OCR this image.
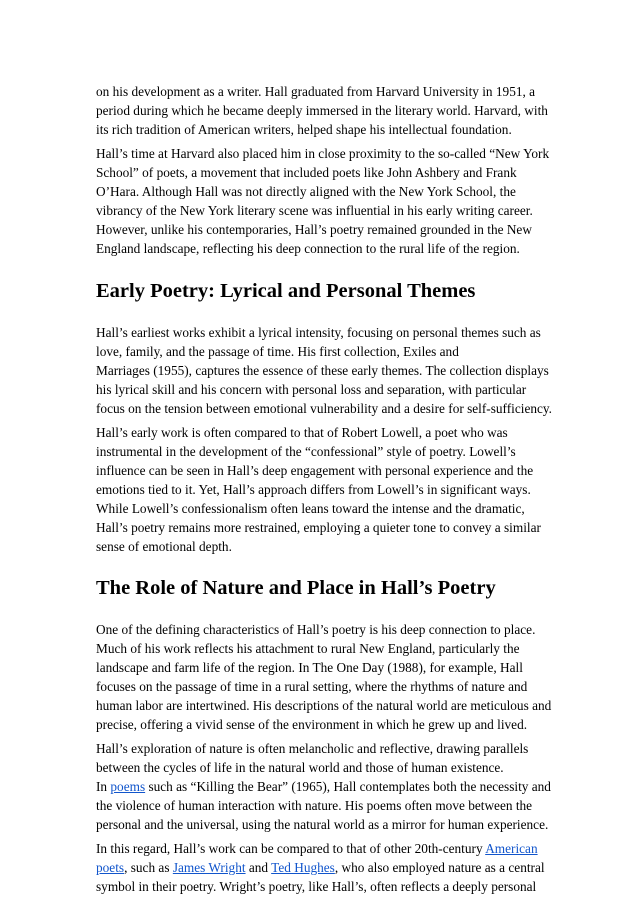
on his development as a writer. Hall graduated from Harvard University in 1951, a
period during which he became deeply immersed in the literary world. Harvard, with
its rich tradition of American writers, helped shape his intellectual foundation.
Hall’s time at Harvard also placed him in close proximity to the so-called “New York
School” of poets, a movement that included poets like John Ashbery and Frank
O’Hara. Although Hall was not directly aligned with the New York School, the
vibrancy of the New York literary scene was influential in his early writing career.
However, unlike his contemporaries, Hall’s poetry remained grounded in the New
England landscape, reflecting his deep connection to the rural life of the region.
Early Poetry: Lyrical and Personal Themes
Hall’s earliest works exhibit a lyrical intensity, focusing on personal themes such as
love, family, and the passage of time. His first collection, Exiles and
Marriages (1955), captures the essence of these early themes. The collection displays
his lyrical skill and his concern with personal loss and separation, with particular
focus on the tension between emotional vulnerability and a desire for self-sufficiency.
Hall’s early work is often compared to that of Robert Lowell, a poet who was
instrumental in the development of the “confessional” style of poetry. Lowell’s
influence can be seen in Hall’s deep engagement with personal experience and the
emotions tied to it. Yet, Hall’s approach differs from Lowell’s in significant ways.
While Lowell’s confessionalism often leans toward the intense and the dramatic,
Hall’s poetry remains more restrained, employing a quieter tone to convey a similar
sense of emotional depth.
The Role of Nature and Place in Hall’s Poetry
One of the defining characteristics of Hall’s poetry is his deep connection to place.
Much of his work reflects his attachment to rural New England, particularly the
landscape and farm life of the region. In The One Day (1988), for example, Hall
focuses on the passage of time in a rural setting, where the rhythms of nature and
human labor are intertwined. His descriptions of the natural world are meticulous and
precise, offering a vivid sense of the environment in which he grew up and lived.
Hall’s exploration of nature is often melancholic and reflective, drawing parallels
between the cycles of life in the natural world and those of human existence.
In poems such as “Killing the Bear” (1965), Hall contemplates both the necessity and
the violence of human interaction with nature. His poems often move between the
personal and the universal, using the natural world as a mirror for human experience.
In this regard, Hall’s work can be compared to that of other 20th-century American
poets, such as James Wright and Ted Hughes, who also employed nature as a central
symbol in their poetry. Wright’s poetry, like Hall’s, often reflects a deeply personal
